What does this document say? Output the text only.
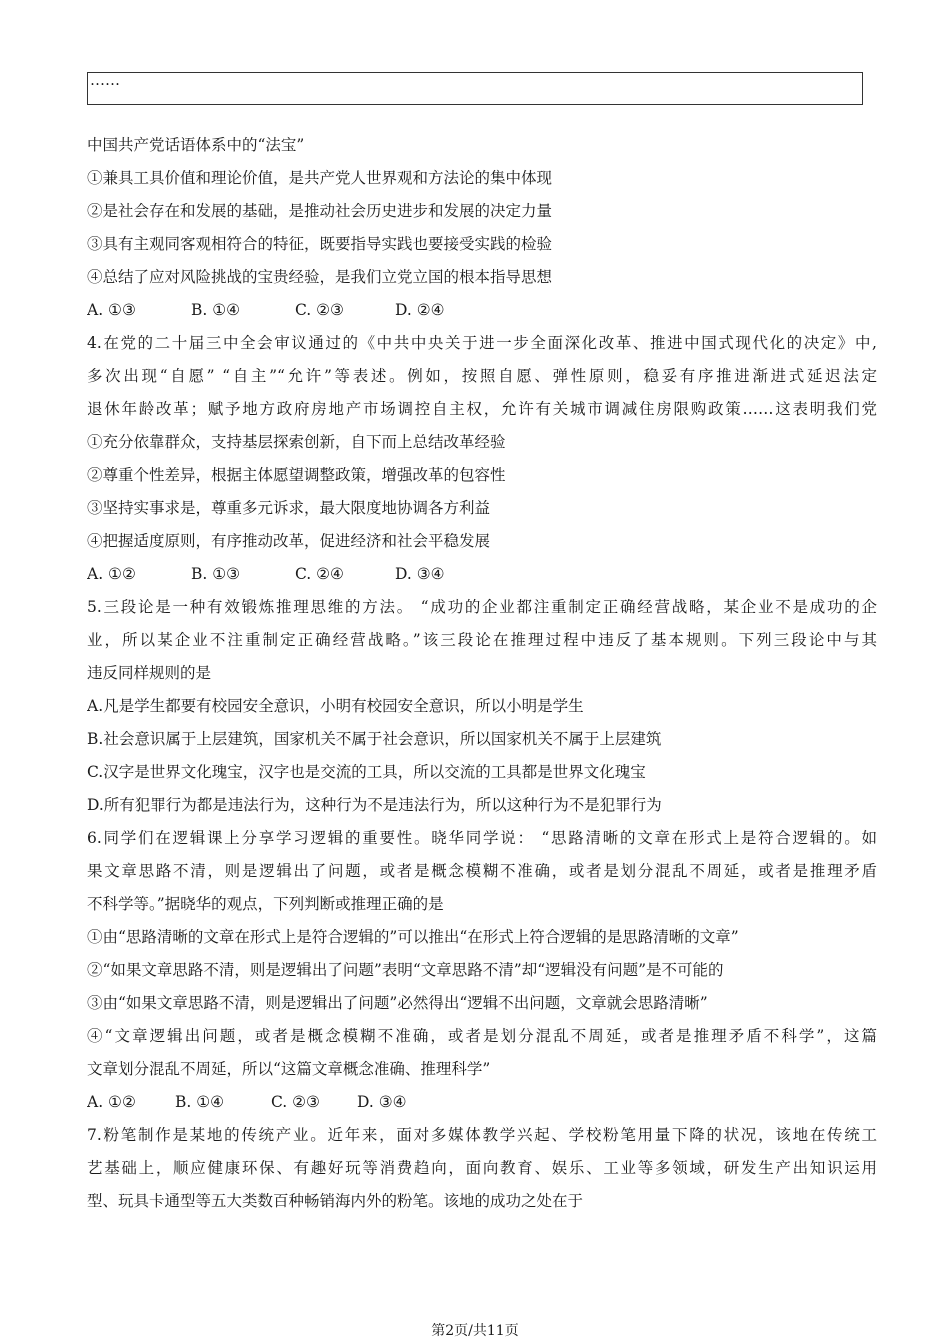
……
中国共产党话语体系中的“法宝”
①兼具工具价值和理论价值，是共产党人世界观和方法论的集中体现
②是社会存在和发展的基础，是推动社会历史进步和发展的决定力量
③具有主观同客观相符合的特征，既要指导实践也要接受实践的检验
④总结了应对风险挑战的宝贵经验，是我们立党立国的根本指导思想
A. ①③	B. ①④	C. ②③	D. ②④
4.在党的二十届三中全会审议通过的《中共中央关于进一步全面深化改革、推进中国式现代化的决定》中,
多次出现“自愿” “自主”“允许”等表述。例如，按照自愿、弹性原则，稳妥有序推进渐进式延迟法定
退休年龄改革；赋予地方政府房地产市场调控自主权，允许有关城市调减住房限购政策……这表明我们党
①充分依靠群众，支持基层探索创新，自下而上总结改革经验
②尊重个性差异，根据主体愿望调整政策，增强改革的包容性
③坚持实事求是，尊重多元诉求，最大限度地协调各方利益
④把握适度原则，有序推动改革，促进经济和社会平稳发展
A. ①②	B. ①③	C. ②④	D. ③④
5.三段论是一种有效锻炼推理思维的方法。 “成功的企业都注重制定正确经营战略，某企业不是成功的企
业，所以某企业不注重制定正确经营战略。”该三段论在推理过程中违反了基本规则。下列三段论中与其
违反同样规则的是
A.凡是学生都要有校园安全意识，小明有校园安全意识，所以小明是学生
B.社会意识属于上层建筑，国家机关不属于社会意识，所以国家机关不属于上层建筑
C.汉字是世界文化瑰宝，汉字也是交流的工具，所以交流的工具都是世界文化瑰宝
D.所有犯罪行为都是违法行为，这种行为不是违法行为，所以这种行为不是犯罪行为
6.同学们在逻辑课上分享学习逻辑的重要性。晓华同学说： “思路清晰的文章在形式上是符合逻辑的。如
果文章思路不清，则是逻辑出了问题，或者是概念模糊不准确，或者是划分混乱不周延，或者是推理矛盾
不科学等。”据晓华的观点，下列判断或推理正确的是
①由“思路清晰的文章在形式上是符合逻辑的”可以推出“在形式上符合逻辑的是思路清晰的文章”
②“如果文章思路不清，则是逻辑出了问题”表明“文章思路不清”却“逻辑没有问题”是不可能的
③由“如果文章思路不清，则是逻辑出了问题”必然得出“逻辑不出问题，文章就会思路清晰”
④“文章逻辑出问题，或者是概念模糊不准确，或者是划分混乱不周延，或者是推理矛盾不科学”，这篇
文章划分混乱不周延，所以“这篇文章概念准确、推理科学”
A. ①②	B. ①④	C. ②③	D. ③④
7.粉笔制作是某地的传统产业。近年来，面对多媒体教学兴起、学校粉笔用量下降的状况，该地在传统工
艺基础上，顺应健康环保、有趣好玩等消费趋向，面向教育、娱乐、工业等多领域，研发生产出知识运用
型、玩具卡通型等五大类数百种畅销海内外的粉笔。该地的成功之处在于
第2页/共11页
